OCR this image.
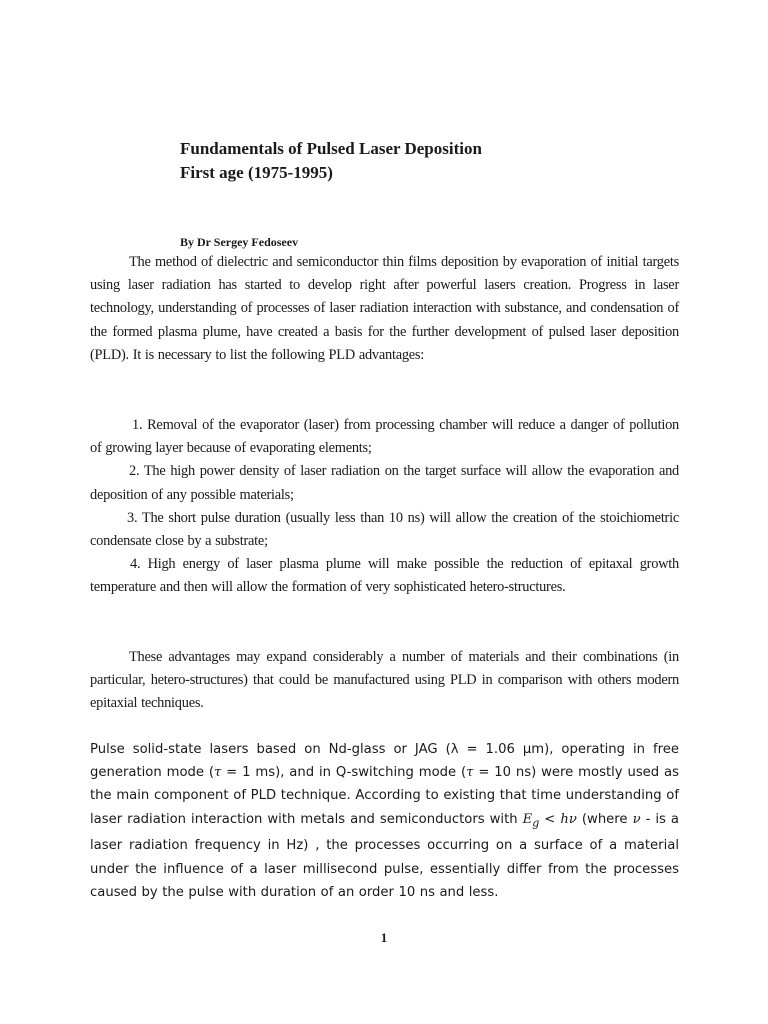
Fundamentals of Pulsed Laser Deposition
First age (1975-1995)

By Dr Sergey Fedoseev

The method of dielectric and semiconductor thin films deposition by evaporation of initial targets using laser radiation has started to develop right after powerful lasers creation. Progress in laser technology, understanding of processes of laser radiation interaction with substance, and condensation of the formed plasma plume, have created a basis for the further development of pulsed laser deposition (PLD). It is necessary to list the following PLD advantages:

1. Removal of the evaporator (laser) from processing chamber will reduce a danger of pollution of growing layer because of evaporating elements;

2. The high power density of laser radiation on the target surface will allow the evaporation and deposition of any possible materials;

3. The short pulse duration (usually less than 10 ns) will allow the creation of the stoichiometric condensate close by a substrate;

4. High energy of laser plasma plume will make possible the reduction of epitaxal growth temperature and then will allow the formation of very sophisticated hetero-structures.

These advantages may expand considerably a number of materials and their combinations (in particular, hetero-structures) that could be manufactured using PLD in comparison with others modern epitaxial techniques.

Pulse solid-state lasers based on Nd-glass or JAG (λ = 1.06 μm), operating in free generation mode (τ = 1 ms), and in Q-switching mode (τ = 10 ns) were mostly used as the main component of PLD technique. According to existing that time understanding of laser radiation interaction with metals and semiconductors with $E_g < h\nu$ (where ν - is a laser radiation frequency in Hz) , the processes occurring on a surface of a material under the influence of a laser millisecond pulse, essentially differ from the processes caused by the pulse with duration of an order 10 ns and less.

1
